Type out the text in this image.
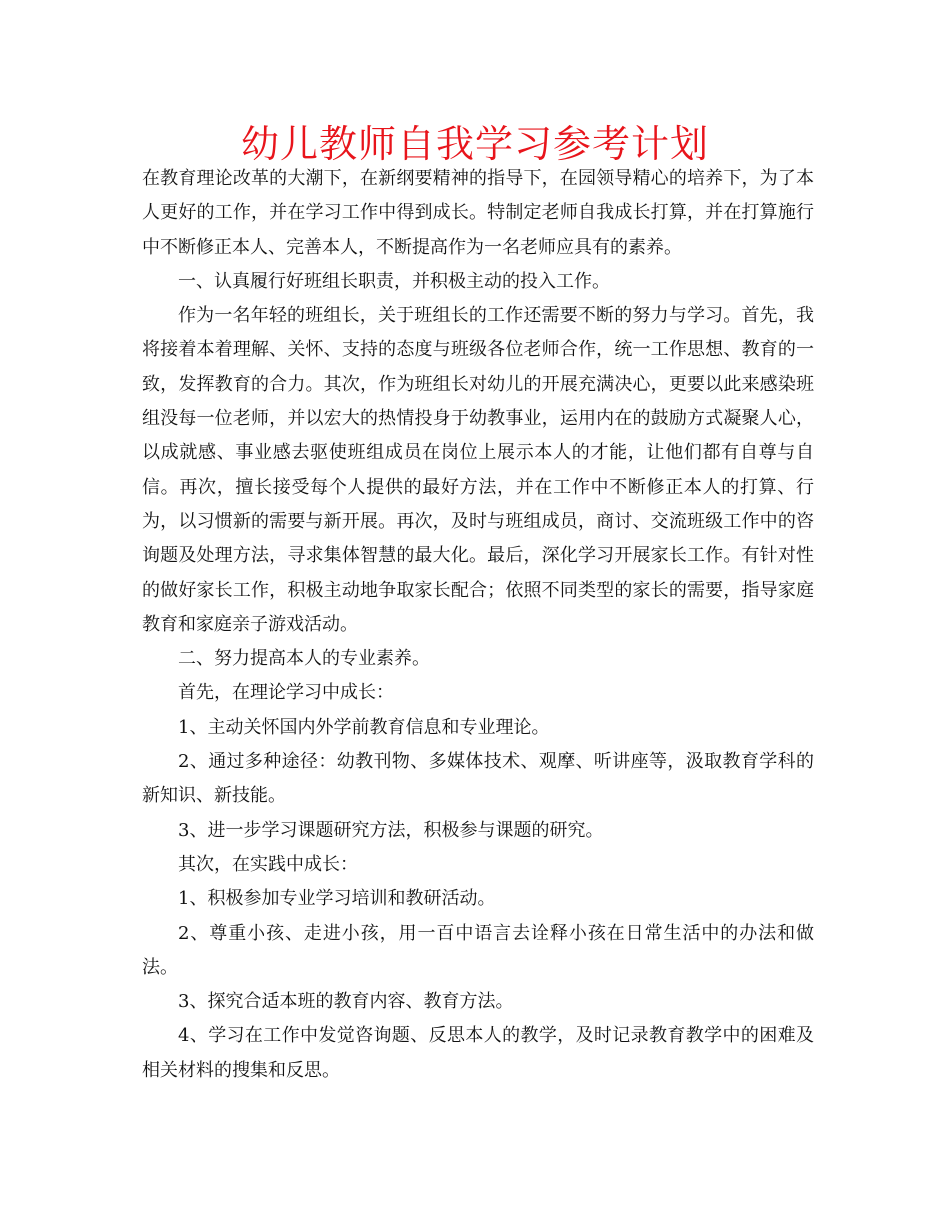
幼儿教师自我学习参考计划

在教育理论改革的大潮下，在新纲要精神的指导下，在园领导精心的培养下，为了本人更好的工作，并在学习工作中得到成长。特制定老师自我成长打算，并在打算施行中不断修正本人、完善本人，不断提高作为一名老师应具有的素养。

一、认真履行好班组长职责，并积极主动的投入工作。

作为一名年轻的班组长，关于班组长的工作还需要不断的努力与学习。首先，我将接着本着理解、关怀、支持的态度与班级各位老师合作，统一工作思想、教育的一致，发挥教育的合力。其次，作为班组长对幼儿的开展充满决心，更要以此来感染班组没每一位老师，并以宏大的热情投身于幼教事业，运用内在的鼓励方式凝聚人心，以成就感、事业感去驱使班组成员在岗位上展示本人的才能，让他们都有自尊与自信。再次，擅长接受每个人提供的最好方法，并在工作中不断修正本人的打算、行为，以习惯新的需要与新开展。再次，及时与班组成员，商讨、交流班级工作中的咨询题及处理方法，寻求集体智慧的最大化。最后，深化学习开展家长工作。有针对性的做好家长工作，积极主动地争取家长配合；依照不同类型的家长的需要，指导家庭教育和家庭亲子游戏活动。

二、努力提高本人的专业素养。

首先，在理论学习中成长：

1、主动关怀国内外学前教育信息和专业理论。

2、通过多种途径：幼教刊物、多媒体技术、观摩、听讲座等，汲取教育学科的新知识、新技能。

3、进一步学习课题研究方法，积极参与课题的研究。

其次，在实践中成长：

1、积极参加专业学习培训和教研活动。

2、尊重小孩、走进小孩，用一百中语言去诠释小孩在日常生活中的办法和做法。

3、探究合适本班的教育内容、教育方法。

4、学习在工作中发觉咨询题、反思本人的教学，及时记录教育教学中的困难及相关材料的搜集和反思。
